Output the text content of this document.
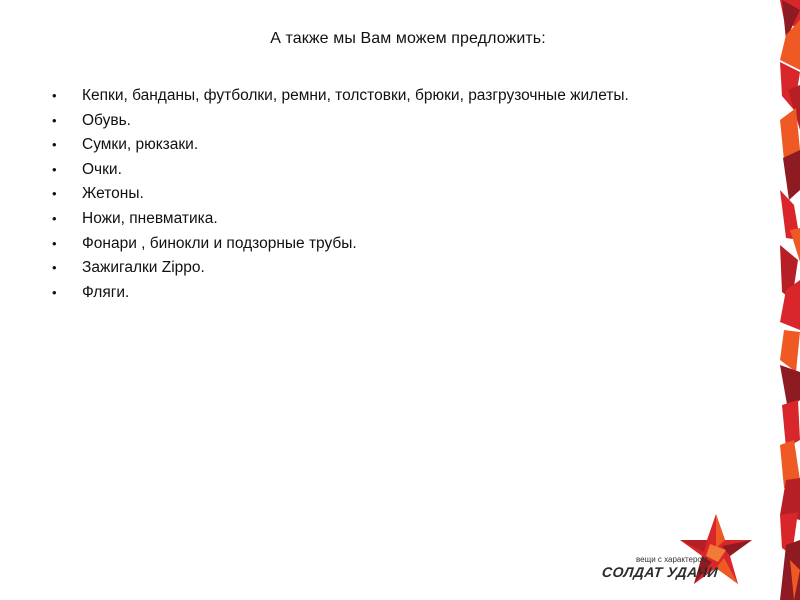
А также мы Вам можем предложить:
• Кепки, банданы, футболки, ремни, толстовки, брюки, разгрузочные жилеты.
• Обувь.
• Сумки, рюкзаки.
• Очки.
• Жетоны.
• Ножи, пневматика.
• Фонари , бинокли и подзорные трубы.
• Зажигалки Zippo.
• Фляги.
вещи с характером
СОЛДАТ УДАЧИ
